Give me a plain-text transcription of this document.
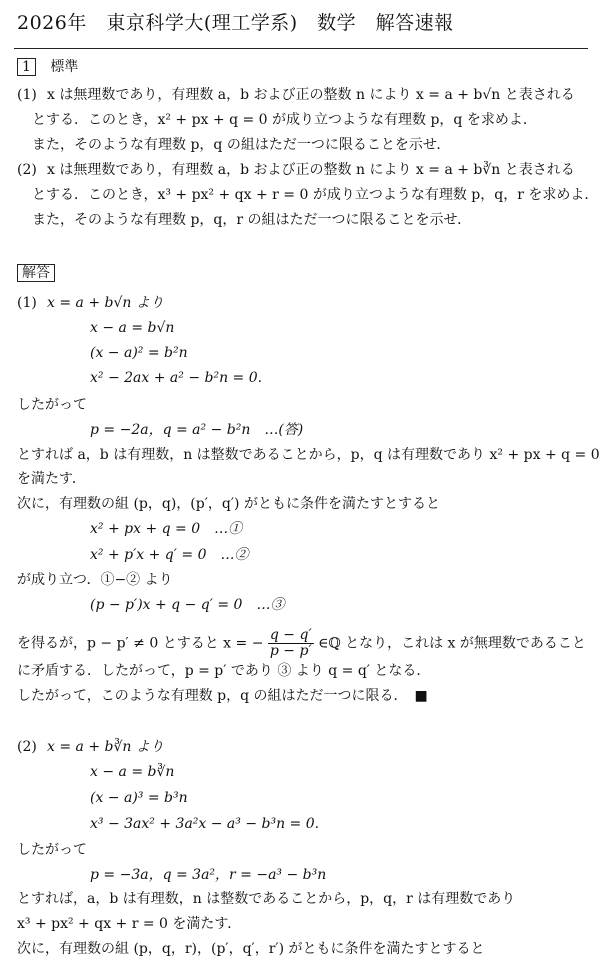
2026年　東京科学大(理工学系)　数学　解答速報
1 標準
(1) x は無理数であり，有理数 a，b および正の整数 n により x = a + b√n と表される
とする．このとき，x² + px + q = 0 が成り立つような有理数 p，q を求めよ．
また，そのような有理数 p，q の組はただ一つに限ることを示せ．
(2) x は無理数であり，有理数 a，b および正の整数 n により x = a + b∛n と表される
とする．このとき，x³ + px² + qx + r = 0 が成り立つような有理数 p，q，r を求めよ．
また，そのような有理数 p，q，r の組はただ一つに限ることを示せ．
解答
(1) x = a + b√n より
x − a = b√n
(x − a)² = b²n
x² − 2ax + a² − b²n = 0.
したがって
p = −2a，q = a² − b²n　…(答)
とすれば a，b は有理数，n は整数であることから，p，q は有理数であり x² + px + q = 0
を満たす．
次に，有理数の組 (p，q)，(p′，q′) がともに条件を満たすとすると
x² + px + q = 0　…①
x² + p′x + q′ = 0　…②
が成り立つ．①−② より
(p − p′)x + q − q′ = 0　…③
を得るが，p − p′ ≠ 0 とすると x = − $\frac{q - q'}{p - p'}$ ∈ℚ となり，これは x が無理数であること
に矛盾する．したがって，p = p′ であり ③ より q = q′ となる．
したがって，このような有理数 p，q の組はただ一つに限る．　■
(2) x = a + b∛n より
x − a = b∛n
(x − a)³ = b³n
x³ − 3ax² + 3a²x − a³ − b³n = 0.
したがって
p = −3a，q = 3a²，r = −a³ − b³n
とすれば，a，b は有理数，n は整数であることから，p，q，r は有理数であり
x³ + px² + qx + r = 0 を満たす．
次に，有理数の組 (p，q，r)，(p′，q′，r′) がともに条件を満たすとすると
